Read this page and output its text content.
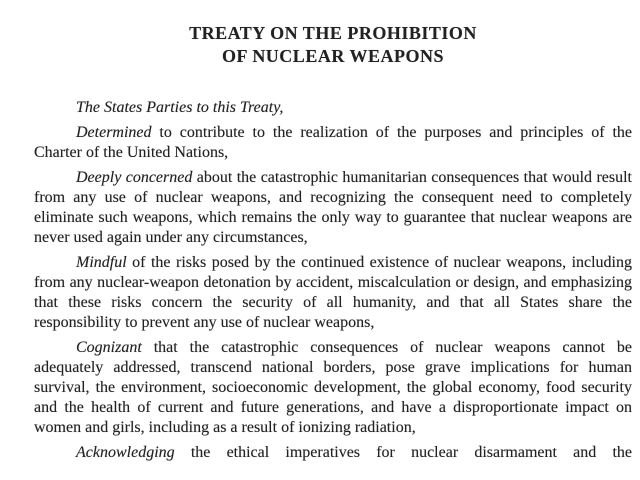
TREATY ON THE PROHIBITION
OF NUCLEAR WEAPONS

The States Parties to this Treaty,

Determined to contribute to the realization of the purposes and principles of the Charter of the United Nations,

Deeply concerned about the catastrophic humanitarian consequences that would result from any use of nuclear weapons, and recognizing the consequent need to completely eliminate such weapons, which remains the only way to guarantee that nuclear weapons are never used again under any circumstances,

Mindful of the risks posed by the continued existence of nuclear weapons, including from any nuclear-weapon detonation by accident, miscalculation or design, and emphasizing that these risks concern the security of all humanity, and that all States share the responsibility to prevent any use of nuclear weapons,

Cognizant that the catastrophic consequences of nuclear weapons cannot be adequately addressed, transcend national borders, pose grave implications for human survival, the environment, socioeconomic development, the global economy, food security and the health of current and future generations, and have a disproportionate impact on women and girls, including as a result of ionizing radiation,

Acknowledging the ethical imperatives for nuclear disarmament and the
